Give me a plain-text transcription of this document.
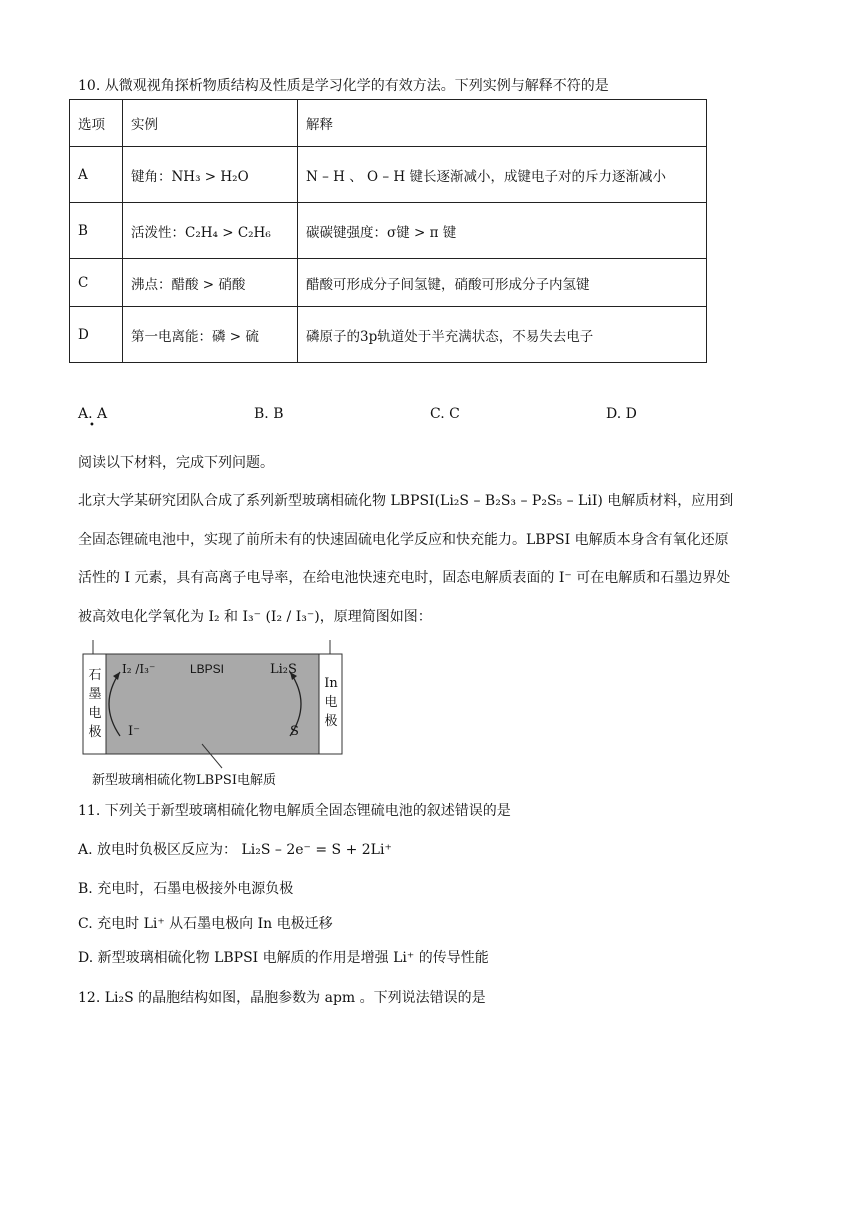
10. 从微观视角探析物质结构及性质是学习化学的有效方法。下列实例与解释不符的是
选项	实例	解释
A	键角：NH₃ > H₂O	N – H 、 O – H 键长逐渐减小，成键电子对的斥力逐渐减小
B	活泼性：C₂H₄ > C₂H₆	碳碳键强度：σ键 > π 键
C	沸点：醋酸 > 硝酸	醋酸可形成分子间氢键，硝酸可形成分子内氢键
D	第一电离能：磷 > 硫	磷原子的3p轨道处于半充满状态，不易失去电子
A. A	B. B	C. C	D. D
•
阅读以下材料，完成下列问题。
北京大学某研究团队合成了系列新型玻璃相硫化物 LBPSI(Li₂S – B₂S₃ – P₂S₅ – LiI) 电解质材料，应用到
全固态锂硫电池中，实现了前所未有的快速固硫电化学反应和快充能力。LBPSI 电解质本身含有氧化还原
活性的 I 元素，具有高离子电导率，在给电池快速充电时，固态电解质表面的 I⁻ 可在电解质和石墨边界处
被高效电化学氧化为 I₂ 和 I₃⁻ (I₂ / I₃⁻)，原理简图如图：
石
墨
电
极
In
电
极
I₂ /I₃⁻	LBPSI	Li₂S
I⁻	S
新型玻璃相硫化物LBPSI电解质
11. 下列关于新型玻璃相硫化物电解质全固态锂硫电池的叙述错误的是
A. 放电时负极区反应为： Li₂S – 2e⁻ = S + 2Li⁺
B. 充电时，石墨电极接外电源负极
C. 充电时 Li⁺ 从石墨电极向 In 电极迁移
D. 新型玻璃相硫化物 LBPSI 电解质的作用是增强 Li⁺ 的传导性能
12. Li₂S 的晶胞结构如图，晶胞参数为 apm 。下列说法错误的是
